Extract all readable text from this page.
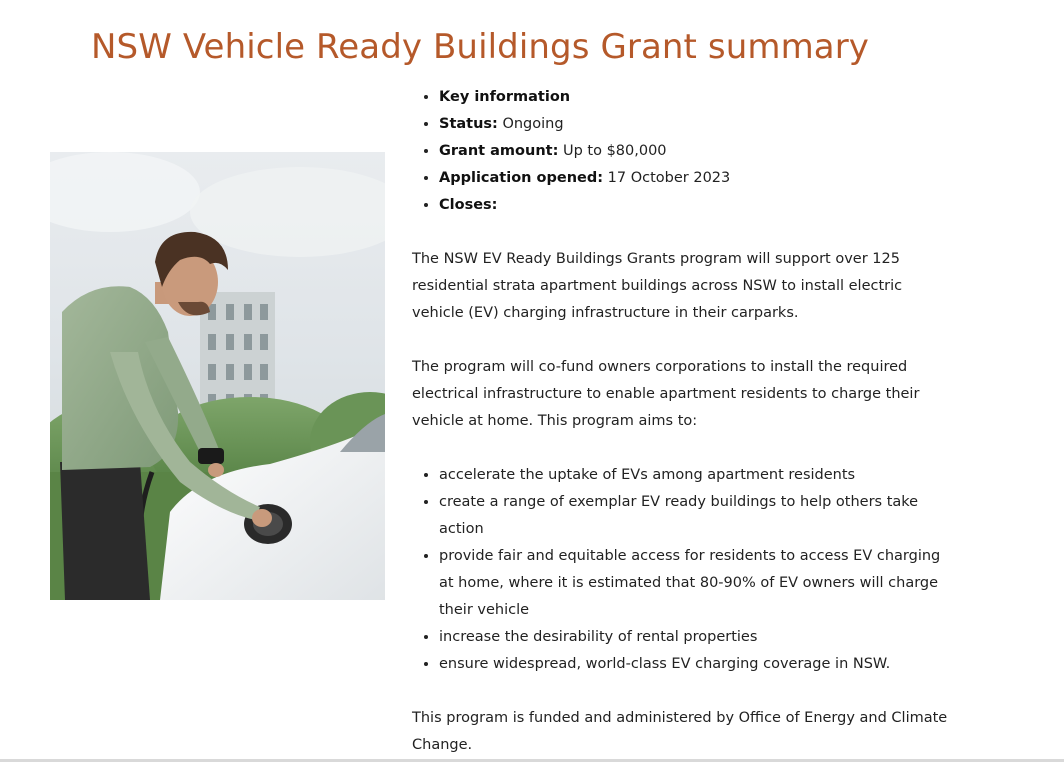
NSW Vehicle Ready Buildings Grant summary
• Key information
• Status: Ongoing
• Grant amount: Up to $80,000
• Application opened: 17 October 2023
• Closes:

The NSW EV Ready Buildings Grants program will support over 125 residential strata apartment buildings across NSW to install electric vehicle (EV) charging infrastructure in their carparks.

The program will co-fund owners corporations to install the required electrical infrastructure to enable apartment residents to charge their vehicle at home. This program aims to:

• accelerate the uptake of EVs among apartment residents
• create a range of exemplar EV ready buildings to help others take action
• provide fair and equitable access for residents to access EV charging at home, where it is estimated that 80-90% of EV owners will charge their vehicle
• increase the desirability of rental properties
• ensure widespread, world-class EV charging coverage in NSW.

This program is funded and administered by Office of Energy and Climate Change.
